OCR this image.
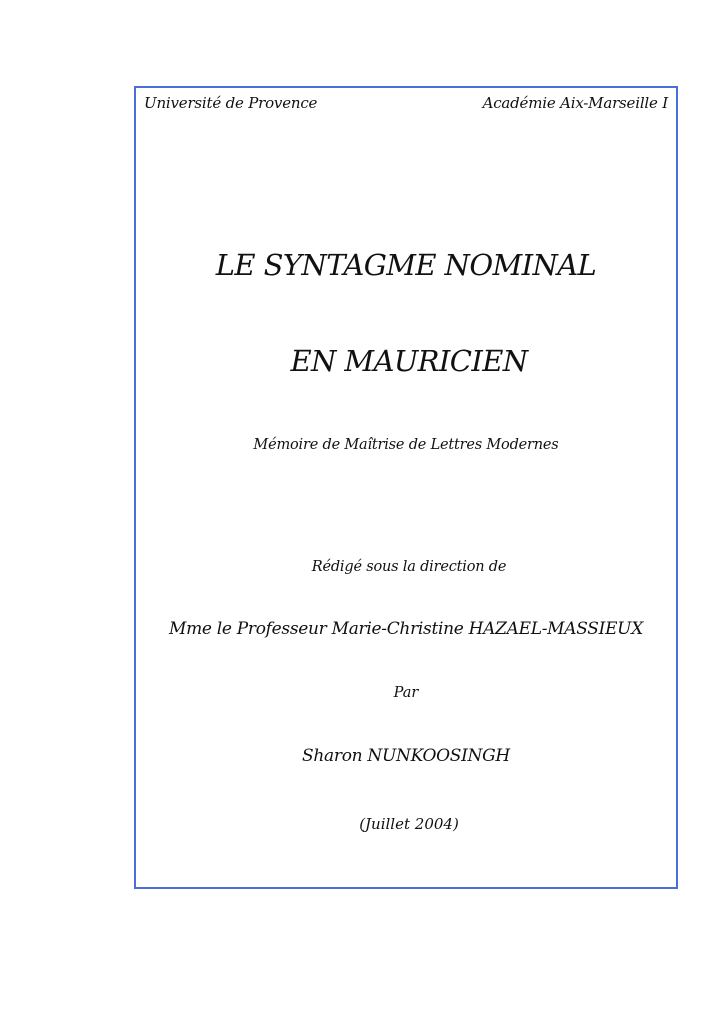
Université de Provence	Académie Aix-Marseille I
LE SYNTAGME NOMINAL
EN MAURICIEN
Mémoire de Maîtrise de Lettres Modernes
Rédigé sous la direction de
Mme le Professeur Marie-Christine HAZAEL-MASSIEUX
Par
Sharon NUNKOOSINGH
(Juillet 2004)
